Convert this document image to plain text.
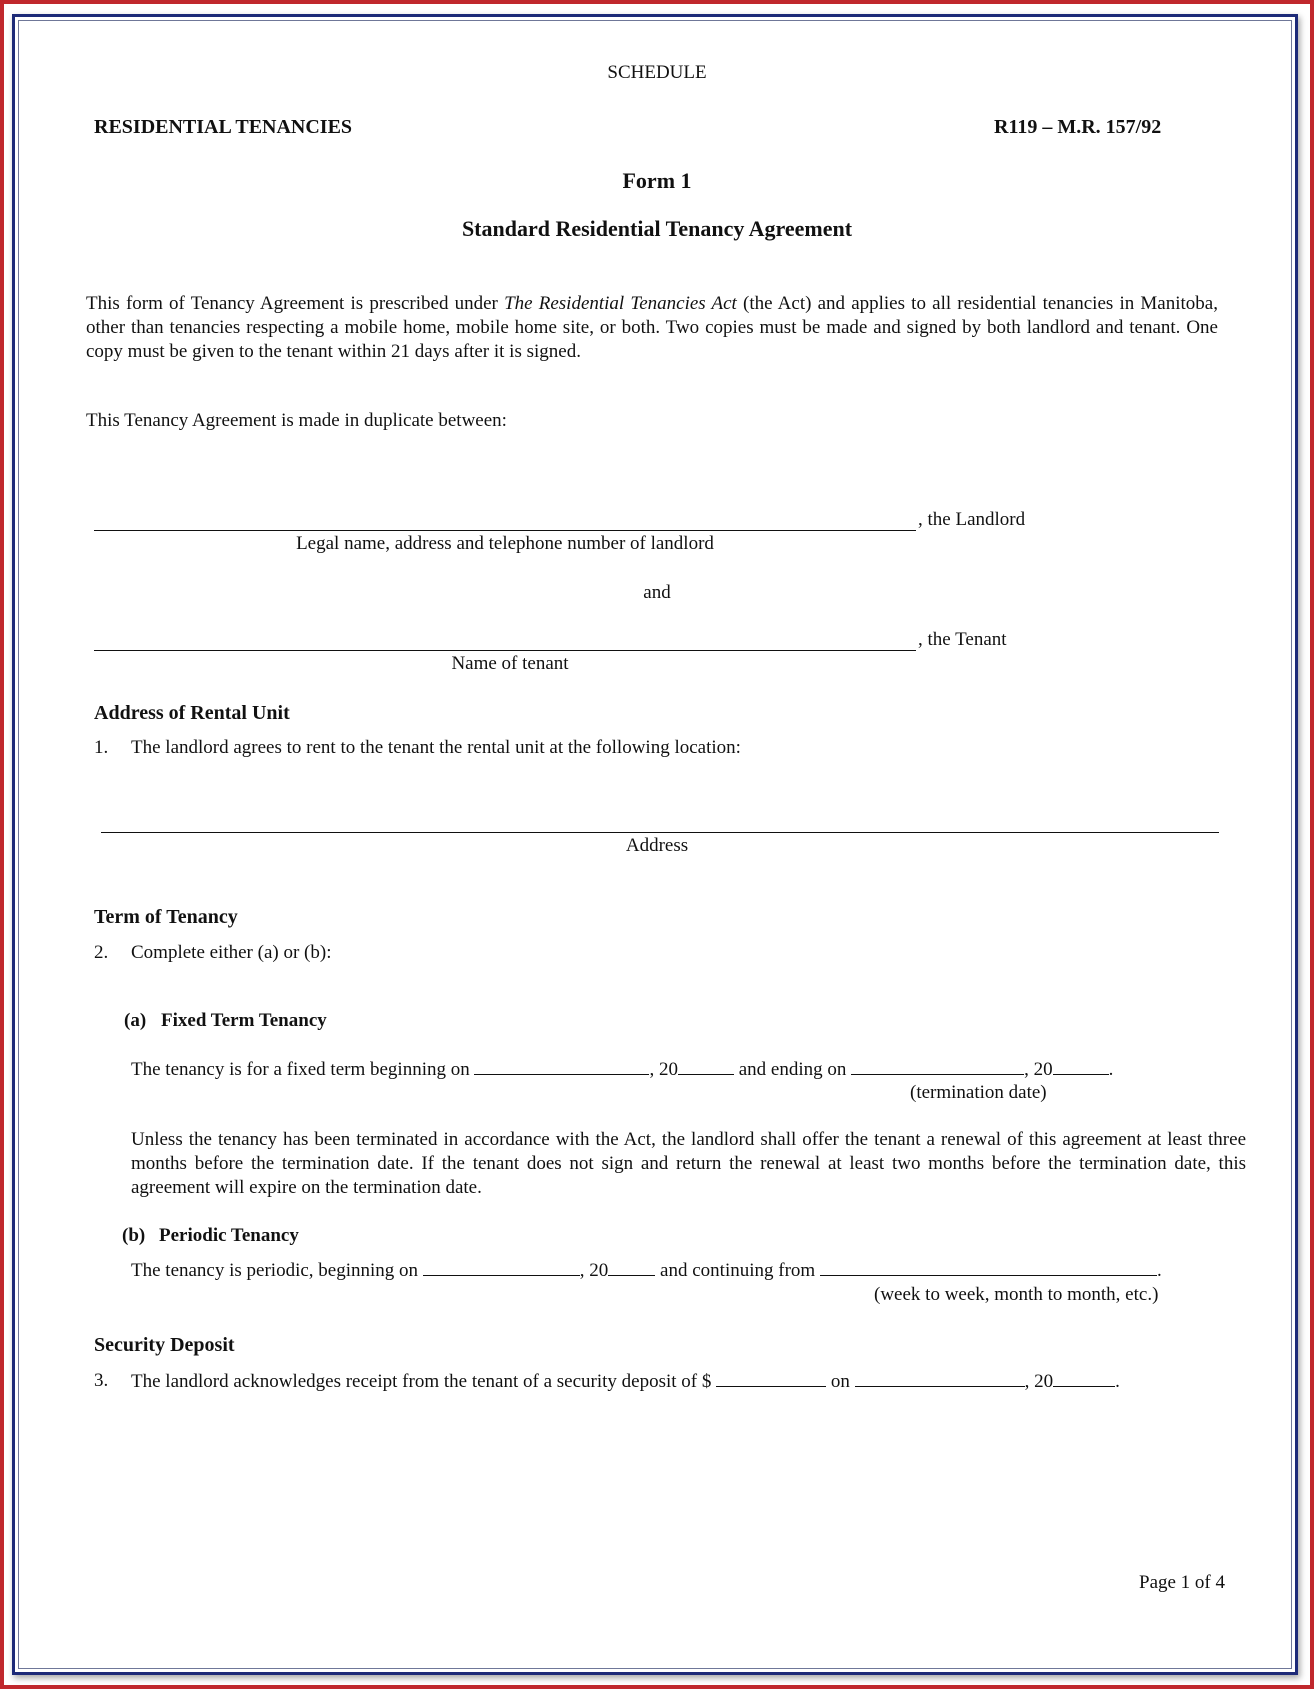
SCHEDULE
RESIDENTIAL TENANCIES	R119 – M.R. 157/92
Form 1
Standard Residential Tenancy Agreement
This form of Tenancy Agreement is prescribed under The Residential Tenancies Act (the Act) and applies to all residential tenancies in Manitoba, other than tenancies respecting a mobile home, mobile home site, or both. Two copies must be made and signed by both landlord and tenant. One copy must be given to the tenant within 21 days after it is signed.
This Tenancy Agreement is made in duplicate between:
, the Landlord
Legal name, address and telephone number of landlord
and
, the Tenant
Name of tenant
Address of Rental Unit
1. The landlord agrees to rent to the tenant the rental unit at the following location:
Address
Term of Tenancy
2. Complete either (a) or (b):
(a) Fixed Term Tenancy
The tenancy is for a fixed term beginning on	, 20	and ending on	, 20	.
(termination date)
Unless the tenancy has been terminated in accordance with the Act, the landlord shall offer the tenant a renewal of this agreement at least three months before the termination date. If the tenant does not sign and return the renewal at least two months before the termination date, this agreement will expire on the termination date.
(b) Periodic Tenancy
The tenancy is periodic, beginning on	, 20 and continuing from	.
(week to week, month to month, etc.)
Security Deposit
3. The landlord acknowledges receipt from the tenant of a security deposit of $	on	, 20	.
Page 1 of 4
